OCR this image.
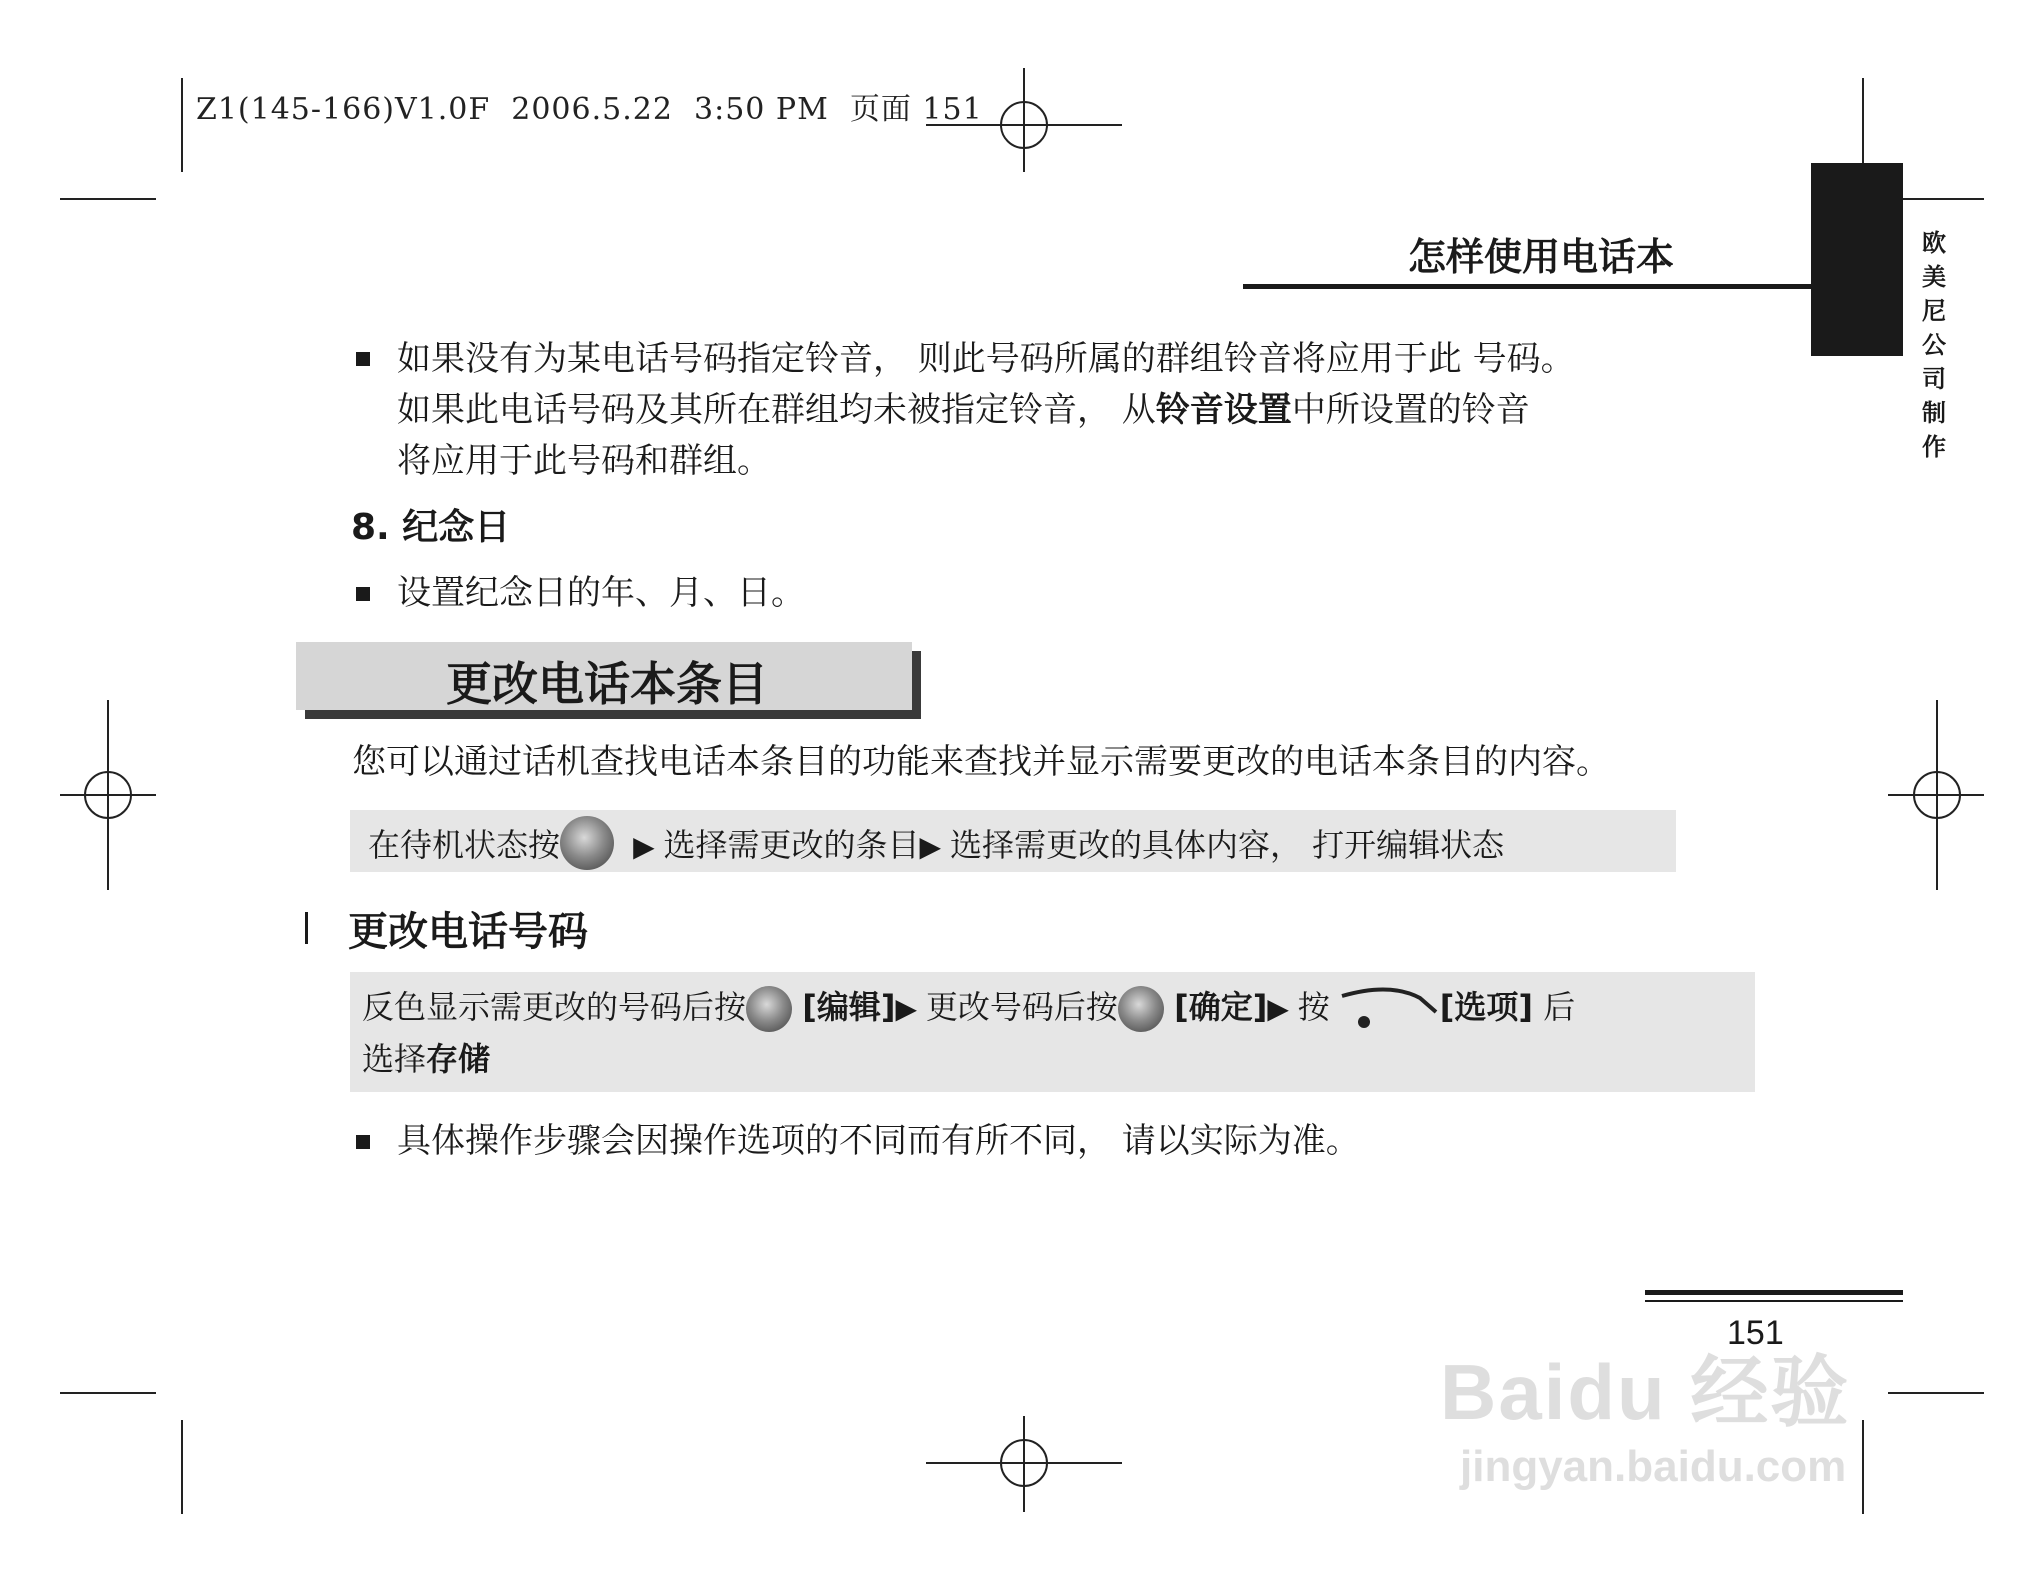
Z1(145-166)V1.0F  2006.5.22  3:50 PM  页面 151
怎样使用电话本	欧
美
尼
公
司
制
作
如果没有为某电话号码指定铃音， 则此号码所属的群组铃音将应用于此 号码。
如果此电话号码及其所在群组均未被指定铃音， 从铃音设置中所设置的铃音
将应用于此号码和群组。
8. 纪念日
设置纪念日的年、月、日。
更改电话本条目
您可以通过话机查找电话本条目的功能来查找并显示需要更改的电话本条目的内容。
在待机状态按  ▶ 选择需更改的条目▶ 选择需更改的具体内容， 打开编辑状态
更改电话号码
反色显示需更改的号码后按 [编辑]▶ 更改号码后按 [确定]▶ 按	[选项] 后
选择存储
具体操作步骤会因操作选项的不同而有所不同， 请以实际为准。
151
Baidu 经验
jingyan.baidu.com
